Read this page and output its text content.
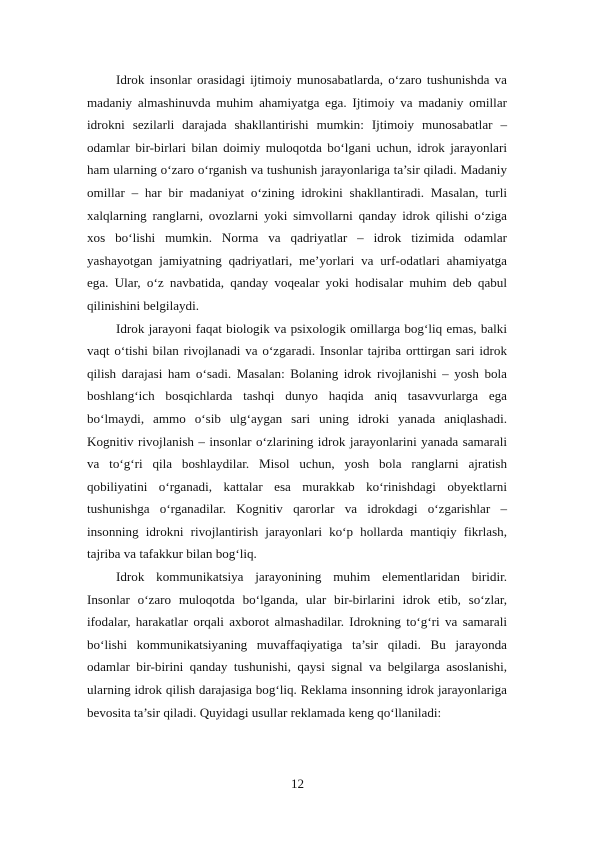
Idrok insonlar orasidagi ijtimoiy munosabatlarda, o‘zaro tushunishda va madaniy almashinuvda muhim ahamiyatga ega. Ijtimoiy va madaniy omillar idrokni sezilarli darajada shakllantirishi mumkin: Ijtimoiy munosabatlar – odamlar bir-birlari bilan doimiy muloqotda bo‘lgani uchun, idrok jarayonlari ham ularning o‘zaro o‘rganish va tushunish jarayonlariga ta’sir qiladi. Madaniy omillar – har bir madaniyat o‘zining idrokini shakllantiradi. Masalan, turli xalqlarning ranglarni, ovozlarni yoki simvollarni qanday idrok qilishi o‘ziga xos bo‘lishi mumkin. Norma va qadriyatlar – idrok tizimida odamlar yashayotgan jamiyatning qadriyatlari, me’yorlari va urf-odatlari ahamiyatga ega. Ular, o‘z navbatida, qanday voqealar yoki hodisalar muhim deb qabul qilinishini belgilaydi.

Idrok jarayoni faqat biologik va psixologik omillarga bog‘liq emas, balki vaqt o‘tishi bilan rivojlanadi va o‘zgaradi. Insonlar tajriba orttirgan sari idrok qilish darajasi ham o‘sadi. Masalan: Bolaning idrok rivojlanishi – yosh bola boshlang‘ich bosqichlarda tashqi dunyo haqida aniq tasavvurlarga ega bo‘lmaydi, ammo o‘sib ulg‘aygan sari uning idroki yanada aniqlashadi. Kognitiv rivojlanish – insonlar o‘zlarining idrok jarayonlarini yanada samarali va to‘g‘ri qila boshlaydilar. Misol uchun, yosh bola ranglarni ajratish qobiliyatini o‘rganadi, kattalar esa murakkab ko‘rinishdagi obyektlarni tushunishga o‘rganadilar. Kognitiv qarorlar va idrokdagi o‘zgarishlar – insonning idrokni rivojlantirish jarayonlari ko‘p hollarda mantiqiy fikrlash, tajriba va tafakkur bilan bog‘liq.

Idrok kommunikatsiya jarayonining muhim elementlaridan biridir. Insonlar o‘zaro muloqotda bo‘lganda, ular bir-birlarini idrok etib, so‘zlar, ifodalar, harakatlar orqali axborot almashadilar. Idrokning to‘g‘ri va samarali bo‘lishi kommunikatsiyaning muvaffaqiyatiga ta’sir qiladi. Bu jarayonda odamlar bir-birini qanday tushunishi, qaysi signal va belgilarga asoslanishi, ularning idrok qilish darajasiga bog‘liq. Reklama insonning idrok jarayonlariga bevosita ta’sir qiladi. Quyidagi usullar reklamada keng qo‘llaniladi:

12
